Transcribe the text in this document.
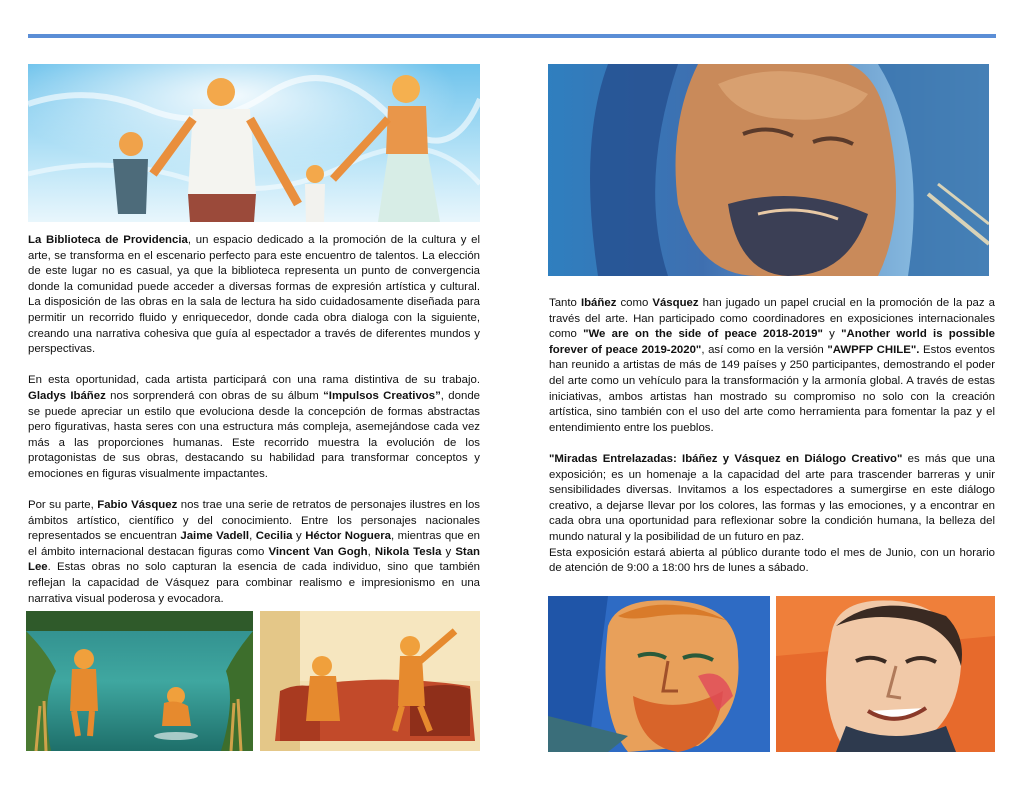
La Biblioteca de Providencia, un espacio dedicado a la promoción de la cultura y el arte, se transforma en el escenario perfecto para este encuentro de talentos. La elección de este lugar no es casual, ya que la biblioteca representa un punto de convergencia donde la comunidad puede acceder a diversas formas de expresión artística y cultural. La disposición de las obras en la sala de lectura ha sido cuidadosamente diseñada para permitir un recorrido fluido y enriquecedor, donde cada obra dialoga con la siguiente, creando una narrativa cohesiva que guía al espectador a través de diferentes mundos y perspectivas.

En esta oportunidad, cada artista participará con una rama distintiva de su trabajo. Gladys Ibáñez nos sorprenderá con obras de su álbum “Impulsos Creativos”, donde se puede apreciar un estilo que evoluciona desde la concepción de formas abstractas pero figurativas, hasta seres con una estructura más compleja, asemejándose cada vez más a las proporciones humanas. Este recorrido muestra la evolución de los protagonistas de sus obras, destacando su habilidad para transformar conceptos y emociones en figuras visualmente impactantes.

Por su parte, Fabio Vásquez nos trae una serie de retratos de personajes ilustres en los ámbitos artístico, científico y del conocimiento. Entre los personajes nacionales representados se encuentran Jaime Vadell, Cecilia y Héctor Noguera, mientras que en el ámbito internacional destacan figuras como Vincent Van Gogh, Nikola Tesla y Stan Lee. Estas obras no solo capturan la esencia de cada individuo, sino que también reflejan la capacidad de Vásquez para combinar realismo e impresionismo en una narrativa visual poderosa y evocadora.

Tanto Ibáñez como Vásquez han jugado un papel crucial en la promoción de la paz a través del arte. Han participado como coordinadores en exposiciones internacionales como "We are on the side of peace 2018-2019" y "Another world is possible forever of peace 2019-2020", así como en la versión "AWPFP CHILE". Estos eventos han reunido a artistas de más de 149 países y 250 participantes, demostrando el poder del arte como un vehículo para la transformación y la armonía global. A través de estas iniciativas, ambos artistas han mostrado su compromiso no solo con la creación artística, sino también con el uso del arte como herramienta para fomentar la paz y el entendimiento entre los pueblos.

"Miradas Entrelazadas: Ibáñez y Vásquez en Diálogo Creativo" es más que una exposición; es un homenaje a la capacidad del arte para trascender barreras y unir sensibilidades diversas. Invitamos a los espectadores a sumergirse en este diálogo creativo, a dejarse llevar por los colores, las formas y las emociones, y a encontrar en cada obra una oportunidad para reflexionar sobre la condición humana, la belleza del mundo natural y la posibilidad de un futuro en paz.

Esta exposición estará abierta al público durante todo el mes de Junio, con un horario de atención de 9:00 a 18:00 hrs de lunes a sábado.
